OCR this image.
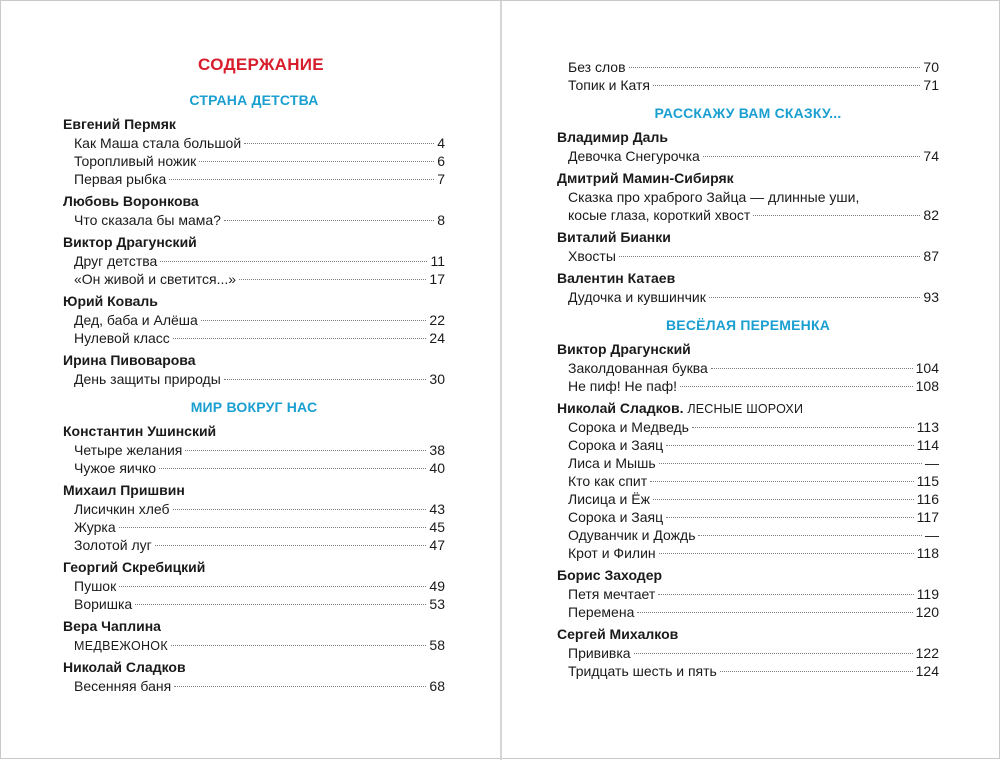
СОДЕРЖАНИЕ
СТРАНА ДЕТСТВА
Евгений Пермяк
Как Маша стала большой	4
Торопливый ножик	6
Первая рыбка	7
Любовь Воронкова
Что сказала бы мама?	8
Виктор Драгунский
Друг детства	11
«Он живой и светится...»	17
Юрий Коваль
Дед, баба и Алёша	22
Нулевой класс	24
Ирина Пивоварова
День защиты природы	30
МИР ВОКРУГ НАС
Константин Ушинский
Четыре желания	38
Чужое яичко	40
Михаил Пришвин
Лисичкин хлеб	43
Журка	45
Золотой луг	47
Георгий Скребицкий
Пушок	49
Воришка	53
Вера Чаплина
МЕДВЕЖОНОК	58
Николай Сладков
Весенняя баня	68
Без слов	70
Топик и Катя	71
РАССКАЖУ ВАМ СКАЗКУ...
Владимир Даль
Девочка Снегурочка	74
Дмитрий Мамин-Сибиряк
Сказка про храброго Зайца — длинные уши,
косые глаза, короткий хвост	82
Виталий Бианки
Хвосты	87
Валентин Катаев
Дудочка и кувшинчик	93
ВЕСЁЛАЯ ПЕРЕМЕНКА
Виктор Драгунский
Заколдованная буква	104
Не пиф! Не паф!	108
Николай Сладков. ЛЕСНЫЕ ШОРОХИ
Сорока и Медведь	113
Сорока и Заяц	114
Лиса и Мышь	—
Кто как спит	115
Лисица и Ёж	116
Сорока и Заяц	117
Одуванчик и Дождь	—
Крот и Филин	118
Борис Заходер
Петя мечтает	119
Перемена	120
Сергей Михалков
Прививка	122
Тридцать шесть и пять	124
